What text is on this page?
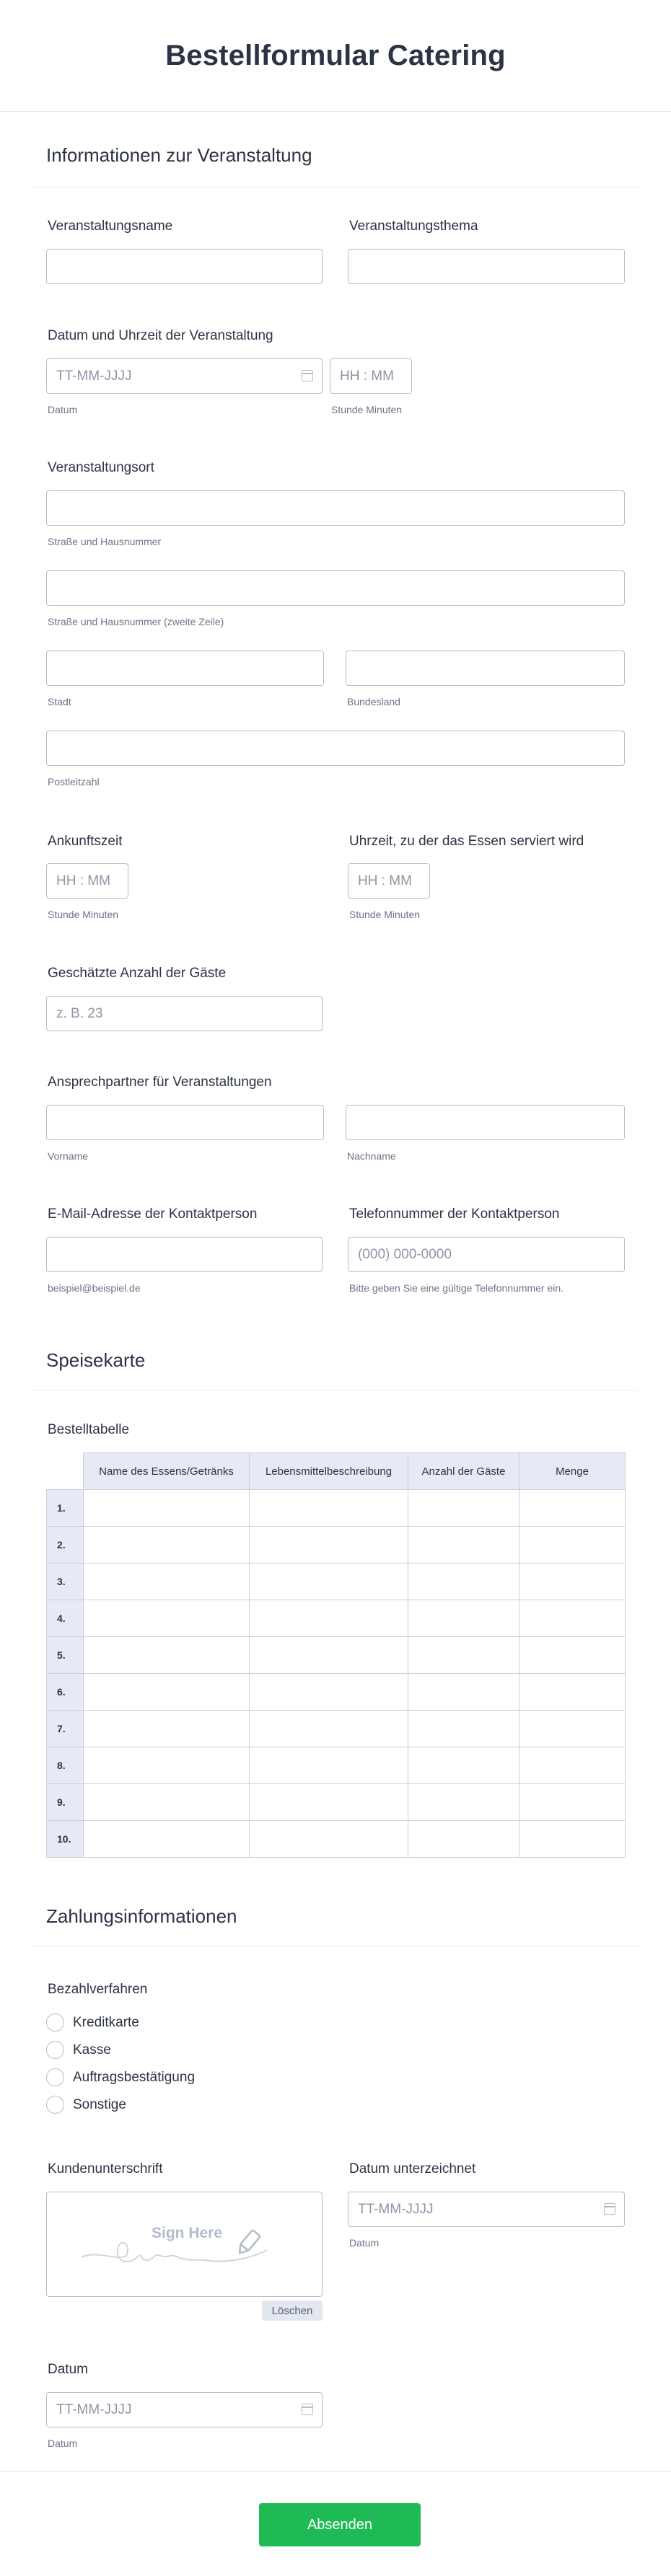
Bestellformular Catering
Informationen zur Veranstaltung
Veranstaltungsname	Veranstaltungsthema
Datum und Uhrzeit der Veranstaltung
TT-MM-JJJJ
Datum
HH : MM
Stunde Minuten
Veranstaltungsort
Straße und Hausnummer
Straße und Hausnummer (zweite Zeile)
Stadt	Bundesland
Postleitzahl
Ankunftszeit
HH : MM
Stunde Minuten
Uhrzeit, zu der das Essen serviert wird
HH : MM
Stunde Minuten
Geschätzte Anzahl der Gäste
z. B. 23
Ansprechpartner für Veranstaltungen
Vorname	Nachname
E-Mail-Adresse der Kontaktperson
beispiel@beispiel.de
Telefonnummer der Kontaktperson
(000) 000-0000
Bitte geben Sie eine gültige Telefonnummer ein.
Speisekarte
Bestelltabelle
	Name des Essens/Getränks	Lebensmittelbeschreibung	Anzahl der Gäste	Menge
1.				
2.				
3.				
4.				
5.				
6.				
7.				
8.				
9.				
10.				
Zahlungsinformationen
Bezahlverfahren
Kreditkarte
Kasse
Auftragsbestätigung
Sonstige
Kundenunterschrift
Sign Here
Löschen
Datum unterzeichnet
TT-MM-JJJJ
Datum
Datum
TT-MM-JJJJ
Datum
Absenden
